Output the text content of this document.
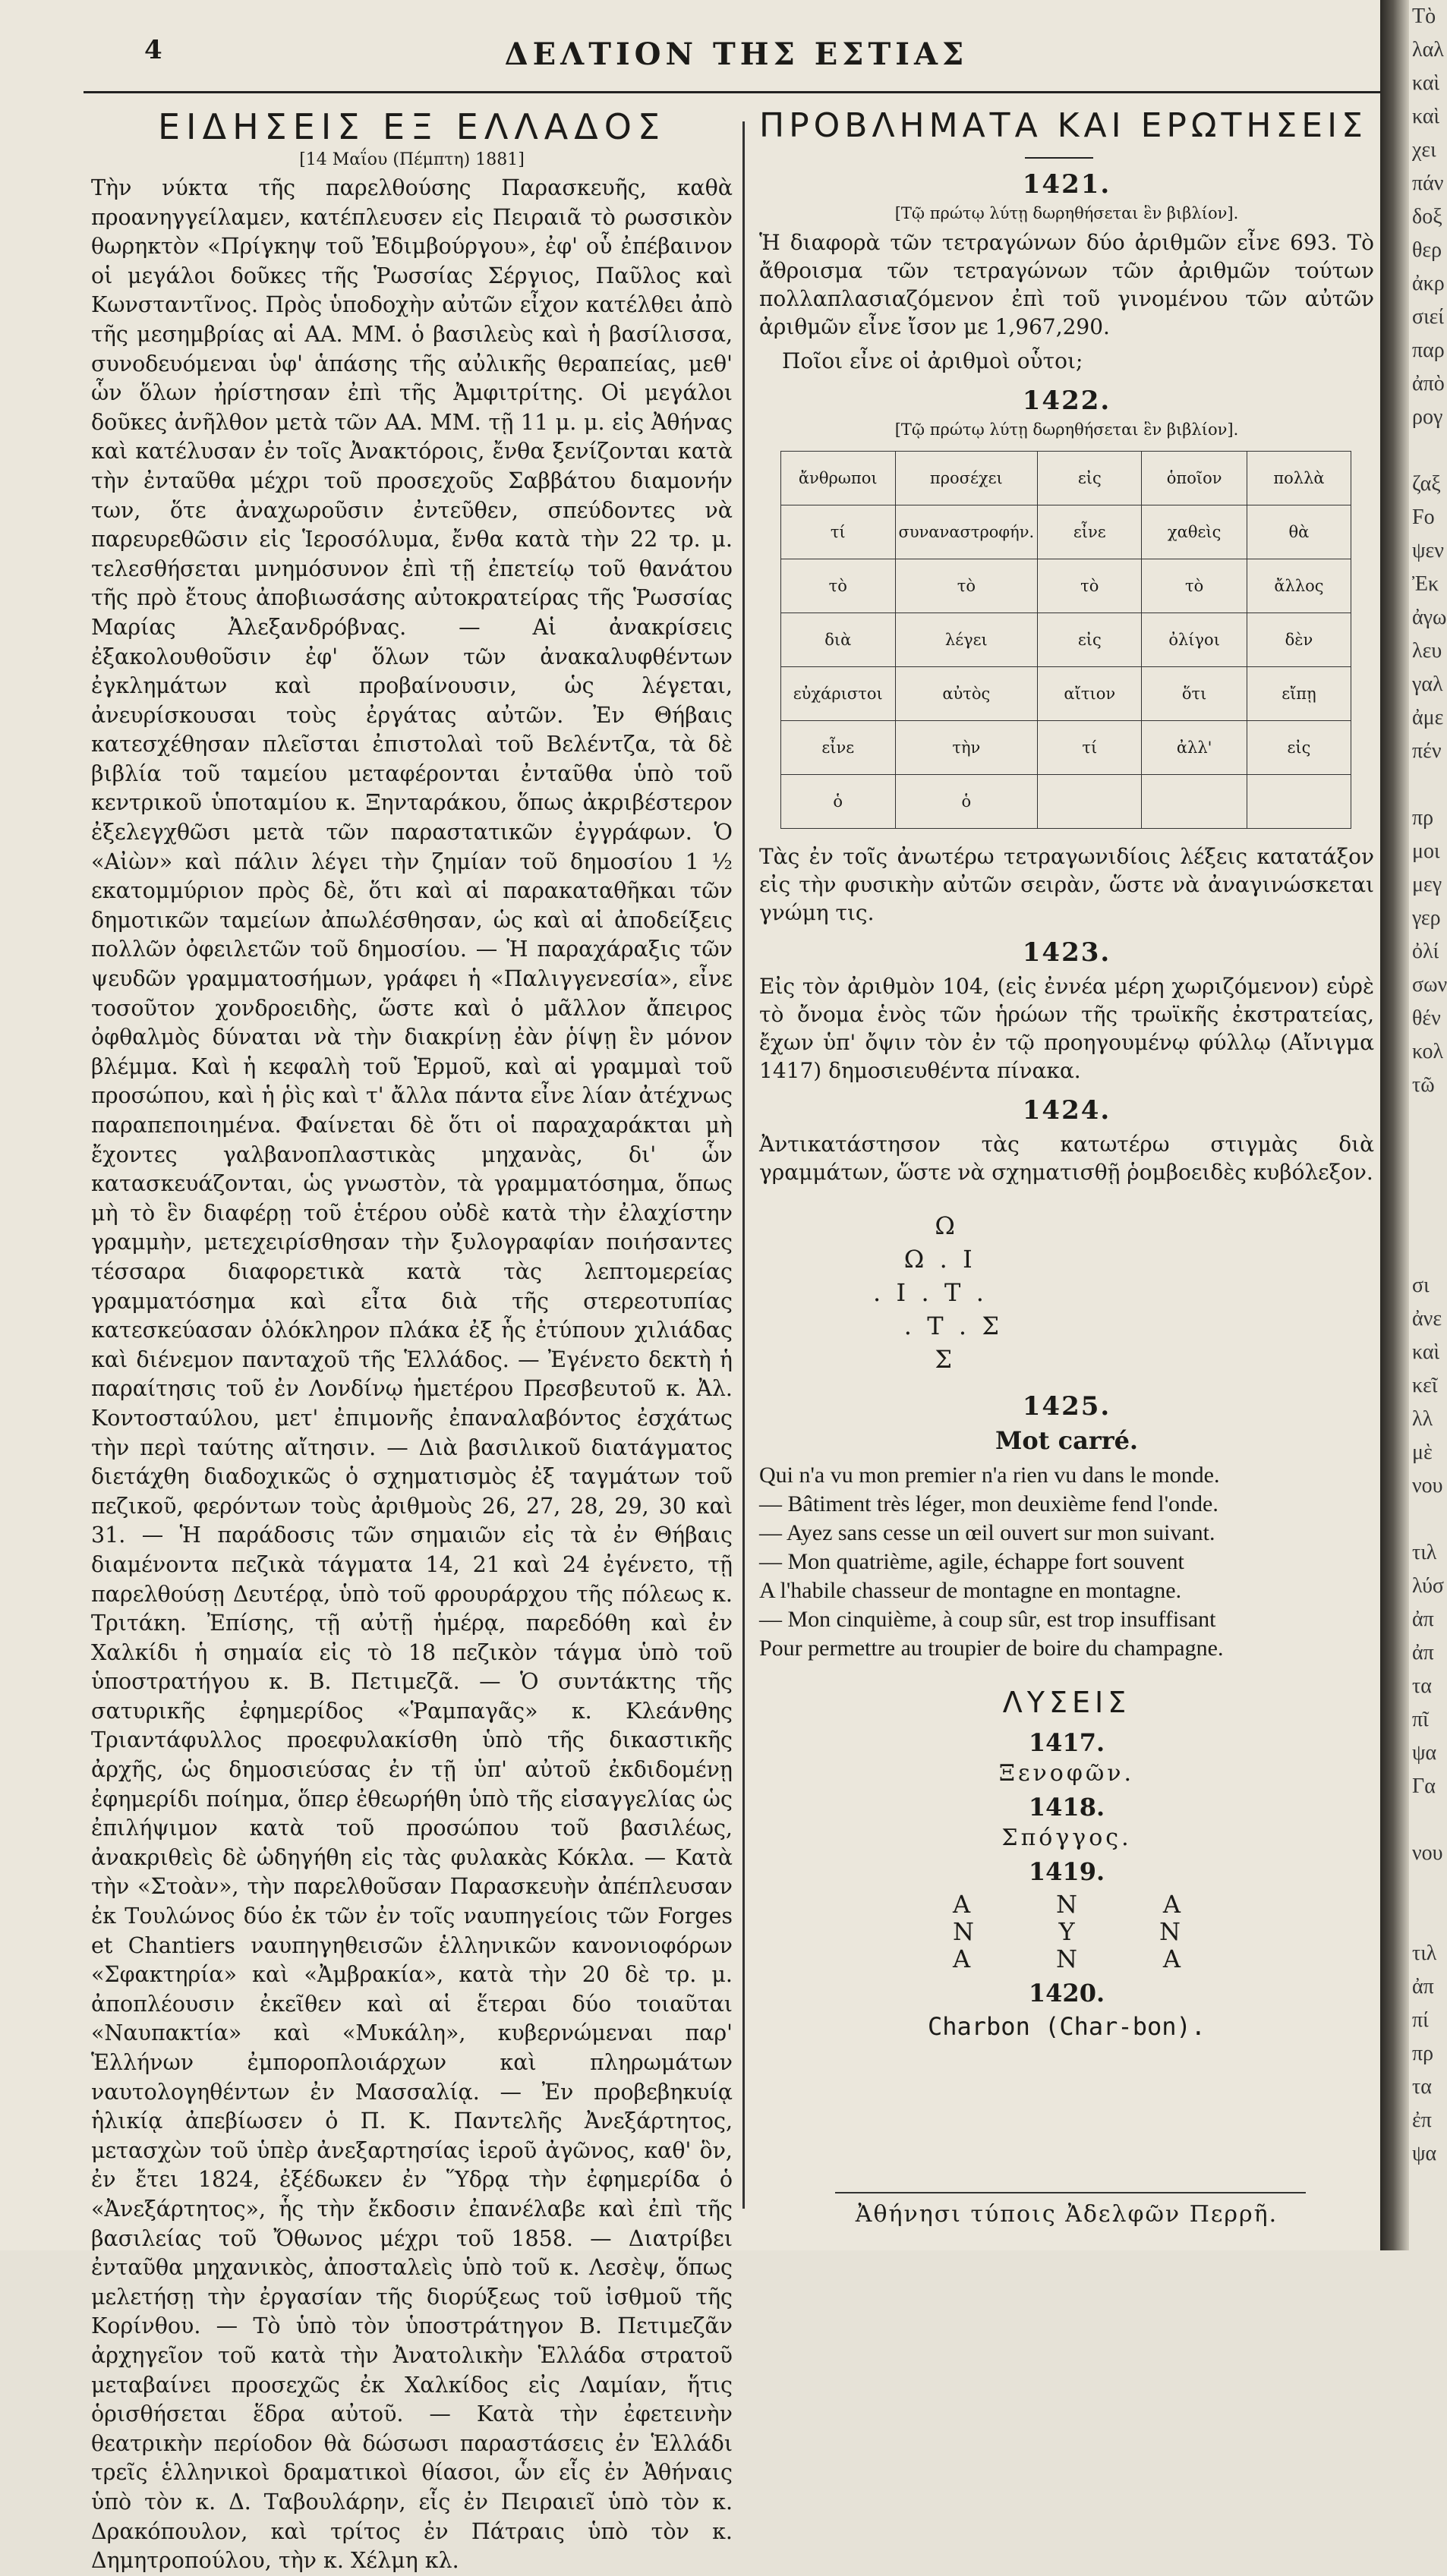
4	ΔΕΛΤΙΟΝ ΤΗΣ ΕΣΤΙΑΣ
ΕΙΔΗΣΕΙΣ ΕΞ ΕΛΛΑΔΟΣ

[14 Μαΐου (Πέμπτη) 1881]

Τὴν νύκτα τῆς παρελθούσης Παρασκευῆς, καθὰ προανηγγείλαμεν, κατέπλευσεν εἰς Πειραιᾶ τὸ ρωσσικὸν θωρηκτὸν «Πρίγκηψ τοῦ Ἐδιμβούργου», ἐφ' οὗ ἐπέβαινον οἱ μεγάλοι δοῦκες τῆς Ῥωσσίας Σέργιος, Παῦλος καὶ Κωνσταντῖνος. Πρὸς ὑποδοχὴν αὐτῶν εἶχον κατέλθει ἀπὸ τῆς μεσημβρίας αἱ ΑΑ. ΜΜ. ὁ βασιλεὺς καὶ ἡ βασίλισσα, συνοδευόμεναι ὑφ' ἁπάσης τῆς αὐλικῆς θεραπείας, μεθ' ὧν ὅλων ἠρίστησαν ἐπὶ τῆς Ἀμφιτρίτης. Οἱ μεγάλοι δοῦκες ἀνῆλθον μετὰ τῶν ΑΑ. ΜΜ. τῇ 11 μ. μ. εἰς Ἀθήνας καὶ κατέλυσαν ἐν τοῖς Ἀνακτόροις, ἔνθα ξενίζονται κατὰ τὴν ἐνταῦθα μέχρι τοῦ προσεχοῦς Σαββάτου διαμονήν των, ὅτε ἀναχωροῦσιν ἐντεῦθεν, σπεύδοντες νὰ παρευρεθῶσιν εἰς Ἱεροσόλυμα, ἔνθα κατὰ τὴν 22 τρ. μ. τελεσθήσεται μνημόσυνον ἐπὶ τῇ ἐπετείῳ τοῦ θανάτου τῆς πρὸ ἔτους ἀποβιωσάσης αὐτοκρατείρας τῆς Ῥωσσίας Μαρίας Ἀλεξανδρόβνας. — Αἱ ἀνακρίσεις ἐξακολουθοῦσιν ἐφ' ὅλων τῶν ἀνακαλυφθέντων ἐγκλημάτων καὶ προβαίνουσιν, ὡς λέγεται, ἀνευρίσκουσαι τοὺς ἐργάτας αὐτῶν. Ἐν Θήβαις κατεσχέθησαν πλεῖσται ἐπιστολαὶ τοῦ Βελέντζα, τὰ δὲ βιβλία τοῦ ταμείου μεταφέρονται ἐνταῦθα ὑπὸ τοῦ κεντρικοῦ ὑποταμίου κ. Ξηνταράκου, ὅπως ἀκριβέστερον ἐξελεγχθῶσι μετὰ τῶν παραστατικῶν ἐγγράφων. Ὁ «Αἰὼν» καὶ πάλιν λέγει τὴν ζημίαν τοῦ δημοσίου 1 ½ εκατομμύριον πρὸς δὲ, ὅτι καὶ αἱ παρακαταθῆκαι τῶν δημοτικῶν ταμείων ἀπωλέσθησαν, ὡς καὶ αἱ ἀποδείξεις πολλῶν ὀφειλετῶν τοῦ δημοσίου. — Ἡ παραχάραξις τῶν ψευδῶν γραμματοσήμων, γράφει ἡ «Παλιγγενεσία», εἶνε τοσοῦτον χονδροειδὴς, ὥστε καὶ ὁ μᾶλλον ἄπειρος ὀφθαλμὸς δύναται νὰ τὴν διακρίνῃ ἐὰν ῥίψῃ ἓν μόνον βλέμμα. Καὶ ἡ κεφαλὴ τοῦ Ἑρμοῦ, καὶ αἱ γραμμαὶ τοῦ προσώπου, καὶ ἡ ῥὶς καὶ τ' ἄλλα πάντα εἶνε λίαν ἀτέχνως παραπεποιημένα. Φαίνεται δὲ ὅτι οἱ παραχαράκται μὴ ἔχοντες γαλβανοπλαστικὰς μηχανὰς, δι' ὧν κατασκευάζονται, ὡς γνωστὸν, τὰ γραμματόσημα, ὅπως μὴ τὸ ἓν διαφέρῃ τοῦ ἑτέρου οὐδὲ κατὰ τὴν ἐλαχίστην γραμμὴν, μετεχειρίσθησαν τὴν ξυλογραφίαν ποιήσαντες τέσσαρα διαφορετικὰ κατὰ τὰς λεπτομερείας γραμματόσημα καὶ εἶτα διὰ τῆς στερεοτυπίας κατεσκεύασαν ὁλόκληρον πλάκα ἐξ ἧς ἐτύπουν χιλιάδας καὶ διένεμον πανταχοῦ τῆς Ἑλλάδος. — Ἐγένετο δεκτὴ ἡ παραίτησις τοῦ ἐν Λονδίνῳ ἡμετέρου Πρεσβευτοῦ κ. Ἀλ. Κοντοσταύλου, μετ' ἐπιμονῆς ἐπαναλαβόντος ἐσχάτως τὴν περὶ ταύτης αἴτησιν. — Διὰ βασιλικοῦ διατάγματος διετάχθη διαδοχικῶς ὁ σχηματισμὸς ἐξ ταγμάτων τοῦ πεζικοῦ, φερόντων τοὺς ἀριθμοὺς 26, 27, 28, 29, 30 καὶ 31. — Ἡ παράδοσις τῶν σημαιῶν εἰς τὰ ἐν Θήβαις διαμένοντα πεζικὰ τάγματα 14, 21 καὶ 24 ἐγένετο, τῇ παρελθούσῃ Δευτέρᾳ, ὑπὸ τοῦ φρουράρχου τῆς πόλεως κ. Τριτάκη. Ἐπίσης, τῇ αὐτῇ ἡμέρᾳ, παρεδόθη καὶ ἐν Χαλκίδι ἡ σημαία εἰς τὸ 18 πεζικὸν τάγμα ὑπὸ τοῦ ὑποστρατήγου κ. Β. Πετιμεζᾶ. — Ὁ συντάκτης τῆς σατυρικῆς ἐφημερίδος «Ῥαμπαγᾶς» κ. Κλεάνθης Τριαντάφυλλος προεφυλακίσθη ὑπὸ τῆς δικαστικῆς ἀρχῆς, ὡς δημοσιεύσας ἐν τῇ ὑπ' αὐτοῦ ἐκδιδομένῃ ἐφημερίδι ποίημα, ὅπερ ἐθεωρήθη ὑπὸ τῆς εἰσαγγελίας ὡς ἐπιλήψιμον κατὰ τοῦ προσώπου τοῦ βασιλέως, ἀνακριθεὶς δὲ ὡδηγήθη εἰς τὰς φυλακὰς Κόκλα. — Κατὰ τὴν «Στοὰν», τὴν παρελθοῦσαν Παρασκευὴν ἀπέπλευσαν ἐκ Τουλώνος δύο ἐκ τῶν ἐν τοῖς ναυπηγείοις τῶν Forges et Chantiers ναυπηγηθεισῶν ἑλληνικῶν κανονιοφόρων «Σφακτηρία» καὶ «Ἀμβρακία», κατὰ τὴν 20 δὲ τρ. μ. ἀποπλέουσιν ἐκεῖθεν καὶ αἱ ἕτεραι δύο τοιαῦται «Ναυπακτία» καὶ «Μυκάλη», κυβερνώμεναι παρ' Ἑλλήνων ἐμποροπλοιάρχων καὶ πληρωμάτων ναυτολογηθέντων ἐν Μασσαλίᾳ. — Ἐν προβεβηκυίᾳ ἡλικίᾳ ἀπεβίωσεν ὁ Π. Κ. Παντελῆς Ἀνεξάρτητος, μετασχὼν τοῦ ὑπὲρ ἀνεξαρτησίας ἱεροῦ ἀγῶνος, καθ' ὃν, ἐν ἔτει 1824, ἐξέδωκεν ἐν Ὕδρᾳ τὴν ἐφημερίδα ὁ «Ἀνεξάρτητος», ἧς τὴν ἔκδοσιν ἐπανέλαβε καὶ ἐπὶ τῆς βασιλείας τοῦ Ὄθωνος μέχρι τοῦ 1858. — Διατρίβει ἐνταῦθα μηχανικὸς, ἀποσταλεὶς ὑπὸ τοῦ κ. Λεσὲψ, ὅπως μελετήσῃ τὴν ἐργασίαν τῆς διορύξεως τοῦ ἰσθμοῦ τῆς Κορίνθου. — Τὸ ὑπὸ τὸν ὑποστράτηγον Β. Πετιμεζᾶν ἀρχηγεῖον τοῦ κατὰ τὴν Ἀνατολικὴν Ἑλλάδα στρατοῦ μεταβαίνει προσεχῶς ἐκ Χαλκίδος εἰς Λαμίαν, ἥτις ὁρισθήσεται ἕδρα αὐτοῦ. — Κατὰ τὴν ἐφετεινὴν θεατρικὴν περίοδον θὰ δώσωσι παραστάσεις ἐν Ἑλλάδι τρεῖς ἑλληνικοὶ δραματικοὶ θίασοι, ὧν εἷς ἐν Ἀθήναις ὑπὸ τὸν κ. Δ. Ταβουλάρην, εἷς ἐν Πειραιεῖ ὑπὸ τὸν κ. Δρακόπουλον, καὶ τρίτος ἐν Πάτραις ὑπὸ τὸν κ. Δημητροπούλου, τὴν κ. Χέλμη κλ.

ΠΡΟΒΛΗΜΑΤΑ ΚΑΙ ΕΡΩΤΗΣΕΙΣ
1421.
[Τῷ πρώτῳ λύτῃ δωρηθήσεται ἓν βιβλίον].

Ἡ διαφορὰ τῶν τετραγώνων δύο ἀριθμῶν εἶνε 693. Τὸ ἄθροισμα τῶν τετραγώνων τῶν ἀριθμῶν τούτων πολλαπλασιαζόμενον ἐπὶ τοῦ γινομένου τῶν αὐτῶν ἀριθμῶν εἶνε ἴσον με 1,967,290.

Ποῖοι εἶνε οἱ ἀριθμοὶ οὗτοι;

1422.
[Τῷ πρώτῳ λύτῃ δωρηθήσεται ἓν βιβλίον].
ἄνθρωποι	προσέχει	εἰς	ὁποῖον	πολλὰ
τί	συναναστροφήν.	εἶνε	χαθεὶς	θὰ
τὸ	τὸ	τὸ	τὸ	ἄλλος
διὰ	λέγει	εἰς	ὀλίγοι	δὲν
εὐχάριστοι	αὐτὸς	αἴτιον	ὅτι	εἴπῃ
εἶνε	τὴν	τί	ἀλλ'	εἰς
ὁ	ὁ			

Τὰς ἐν τοῖς ἀνωτέρω τετραγωνιδίοις λέξεις κατατάξον εἰς τὴν φυσικὴν αὐτῶν σειρὰν, ὥστε νὰ ἀναγινώσκεται γνώμη τις.

1423.

Εἰς τὸν ἀριθμὸν 104, (εἰς ἐννέα μέρη χωριζόμενον) εὑρὲ τὸ ὄνομα ἑνὸς τῶν ἡρώων τῆς τρωϊκῆς ἐκστρατείας, ἔχων ὑπ' ὄψιν τὸν ἐν τῷ προηγουμένῳ φύλλῳ (Αἴνιγμα 1417) δημοσιευθέντα πίνακα.

1424.

Ἀντικατάστησον τὰς κατωτέρω στιγμὰς διὰ γραμμάτων, ὥστε νὰ σχηματισθῇ ῥομβοειδὲς κυβόλεξον.

Ω
Ω  .  Ι
.  Ι  .  Τ  .
.  Τ  .  Σ
Σ
1425.
Mot carré.

Qui n'a vu mon premier n'a rien vu dans le monde.

— Bâtiment très léger, mon deuxième fend l'onde.

— Ayez sans cesse un œil ouvert sur mon suivant.

— Mon quatrième, agile, échappe fort souvent

A l'habile chasseur de montagne en montagne.

— Mon cinquième, à coup sûr, est trop insuffisant

Pour permettre au troupier de boire du champagne.

ΛΥΣΕΙΣ
1417.
Ξενοφῶν.
1418.
Σπόγγος.
1419.
Α	Ν	Α
Ν	Υ	Ν
Α	Ν	Α
1420.
Charbon (Char-bon).
Ἀθήνησι τύποις Ἀδελφῶν Περρῆ.
Τὸ
λαλ
καὶ
καὶ
χει
πάν
δοξ
θερ
ἀκρ
σιεί
παρ
ἀπὸ
ρογ

ζαξ
Fo
ψεν
Ἐκ
ἀγω
λευ
γαλ
ἀμε
πέν

πρ
μοι
μεγ
γερ
ὀλί
σων
θέν
κολ
τῶ

σι
ἀνε
καὶ
κεῖ
λλ
μὲ
νου

τιλ
λύσ
ἀπ
ἀπ
τα
πῖ
ψα
Γα

νου

τιλ
ἀπ
πί
πρ
τα
ἐπ
ψα
